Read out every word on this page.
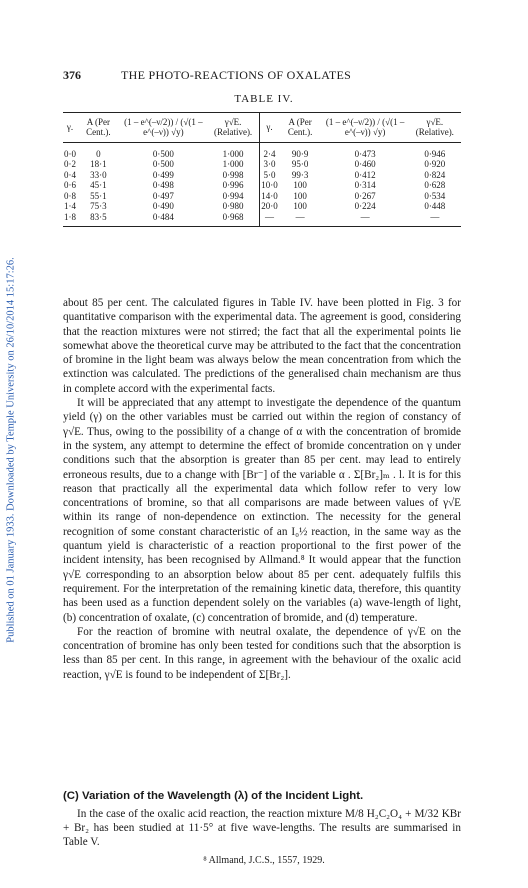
Published on 01 January 1933. Downloaded by Temple University on 26/10/2014 15:17:26.
376	THE PHOTO-REACTIONS OF OXALATES
TABLE IV.
γ.	A (Per Cent.).	(1 – e^(–ν/2)) / (√(1 – e^(–ν)) √y)	γ√E. (Relative).	γ.	A (Per Cent.).	(1 – e^(–ν/2)) / (√(1 – e^(–ν)) √y)	γ√E. (Relative).
0·0	0	0·500	1·000	2·4	90·9	0·473	0·946
0·2	18·1	0·500	1·000	3·0	95·0	0·460	0·920
0·4	33·0	0·499	0·998	5·0	99·3	0·412	0·824
0·6	45·1	0·498	0·996	10·0	100	0·314	0·628
0·8	55·1	0·497	0·994	14·0	100	0·267	0·534
1·4	75·3	0·490	0·980	20·0	100	0·224	0·448
1·8	83·5	0·484	0·968	—	—	—	—

about 85 per cent. The calculated figures in Table IV. have been plotted in Fig. 3 for quantitative comparison with the experimental data. The agreement is good, considering that the reaction mixtures were not stirred; the fact that all the experimental points lie somewhat above the theoretical curve may be attributed to the fact that the concentration of bromine in the light beam was always below the mean concentration from which the extinction was calculated. The predictions of the generalised chain mechanism are thus in complete accord with the experimental facts.

It will be appreciated that any attempt to investigate the dependence of the quantum yield (γ) on the other variables must be carried out within the region of constancy of γ√E. Thus, owing to the possibility of a change of α with the concentration of bromide in the system, any attempt to determine the effect of bromide concentration on γ under conditions such that the absorption is greater than 85 per cent. may lead to entirely erroneous results, due to a change with [Br⁻] of the variable α . Σ[Br₂]ₘ . l. It is for this reason that practically all the experimental data which follow refer to very low concentrations of bromine, so that all comparisons are made between values of γ√E within its range of non-dependence on extinction. The necessity for the general recognition of some constant characteristic of an I₀½ reaction, in the same way as the quantum yield is characteristic of a reaction proportional to the first power of the incident intensity, has been recognised by Allmand.⁸ It would appear that the function γ√E corresponding to an absorption below about 85 per cent. adequately fulfils this requirement. For the interpretation of the remaining kinetic data, therefore, this quantity has been used as a function dependent solely on the variables (a) wave-length of light, (b) concentration of oxalate, (c) concentration of bromide, and (d) temperature.

For the reaction of bromine with neutral oxalate, the dependence of γ√E on the concentration of bromine has only been tested for conditions such that the absorption is less than 85 per cent. In this range, in agreement with the behaviour of the oxalic acid reaction, γ√E is found to be independent of Σ[Br₂].

(C) Variation of the Wavelength (λ) of the Incident Light.
In the case of the oxalic acid reaction, the reaction mixture M/8 H₂C₂O₄ + M/32 KBr + Br₂ has been studied at 11·5° at five wave-lengths. The results are summarised in Table V.
⁸ Allmand, J.C.S., 1557, 1929.
